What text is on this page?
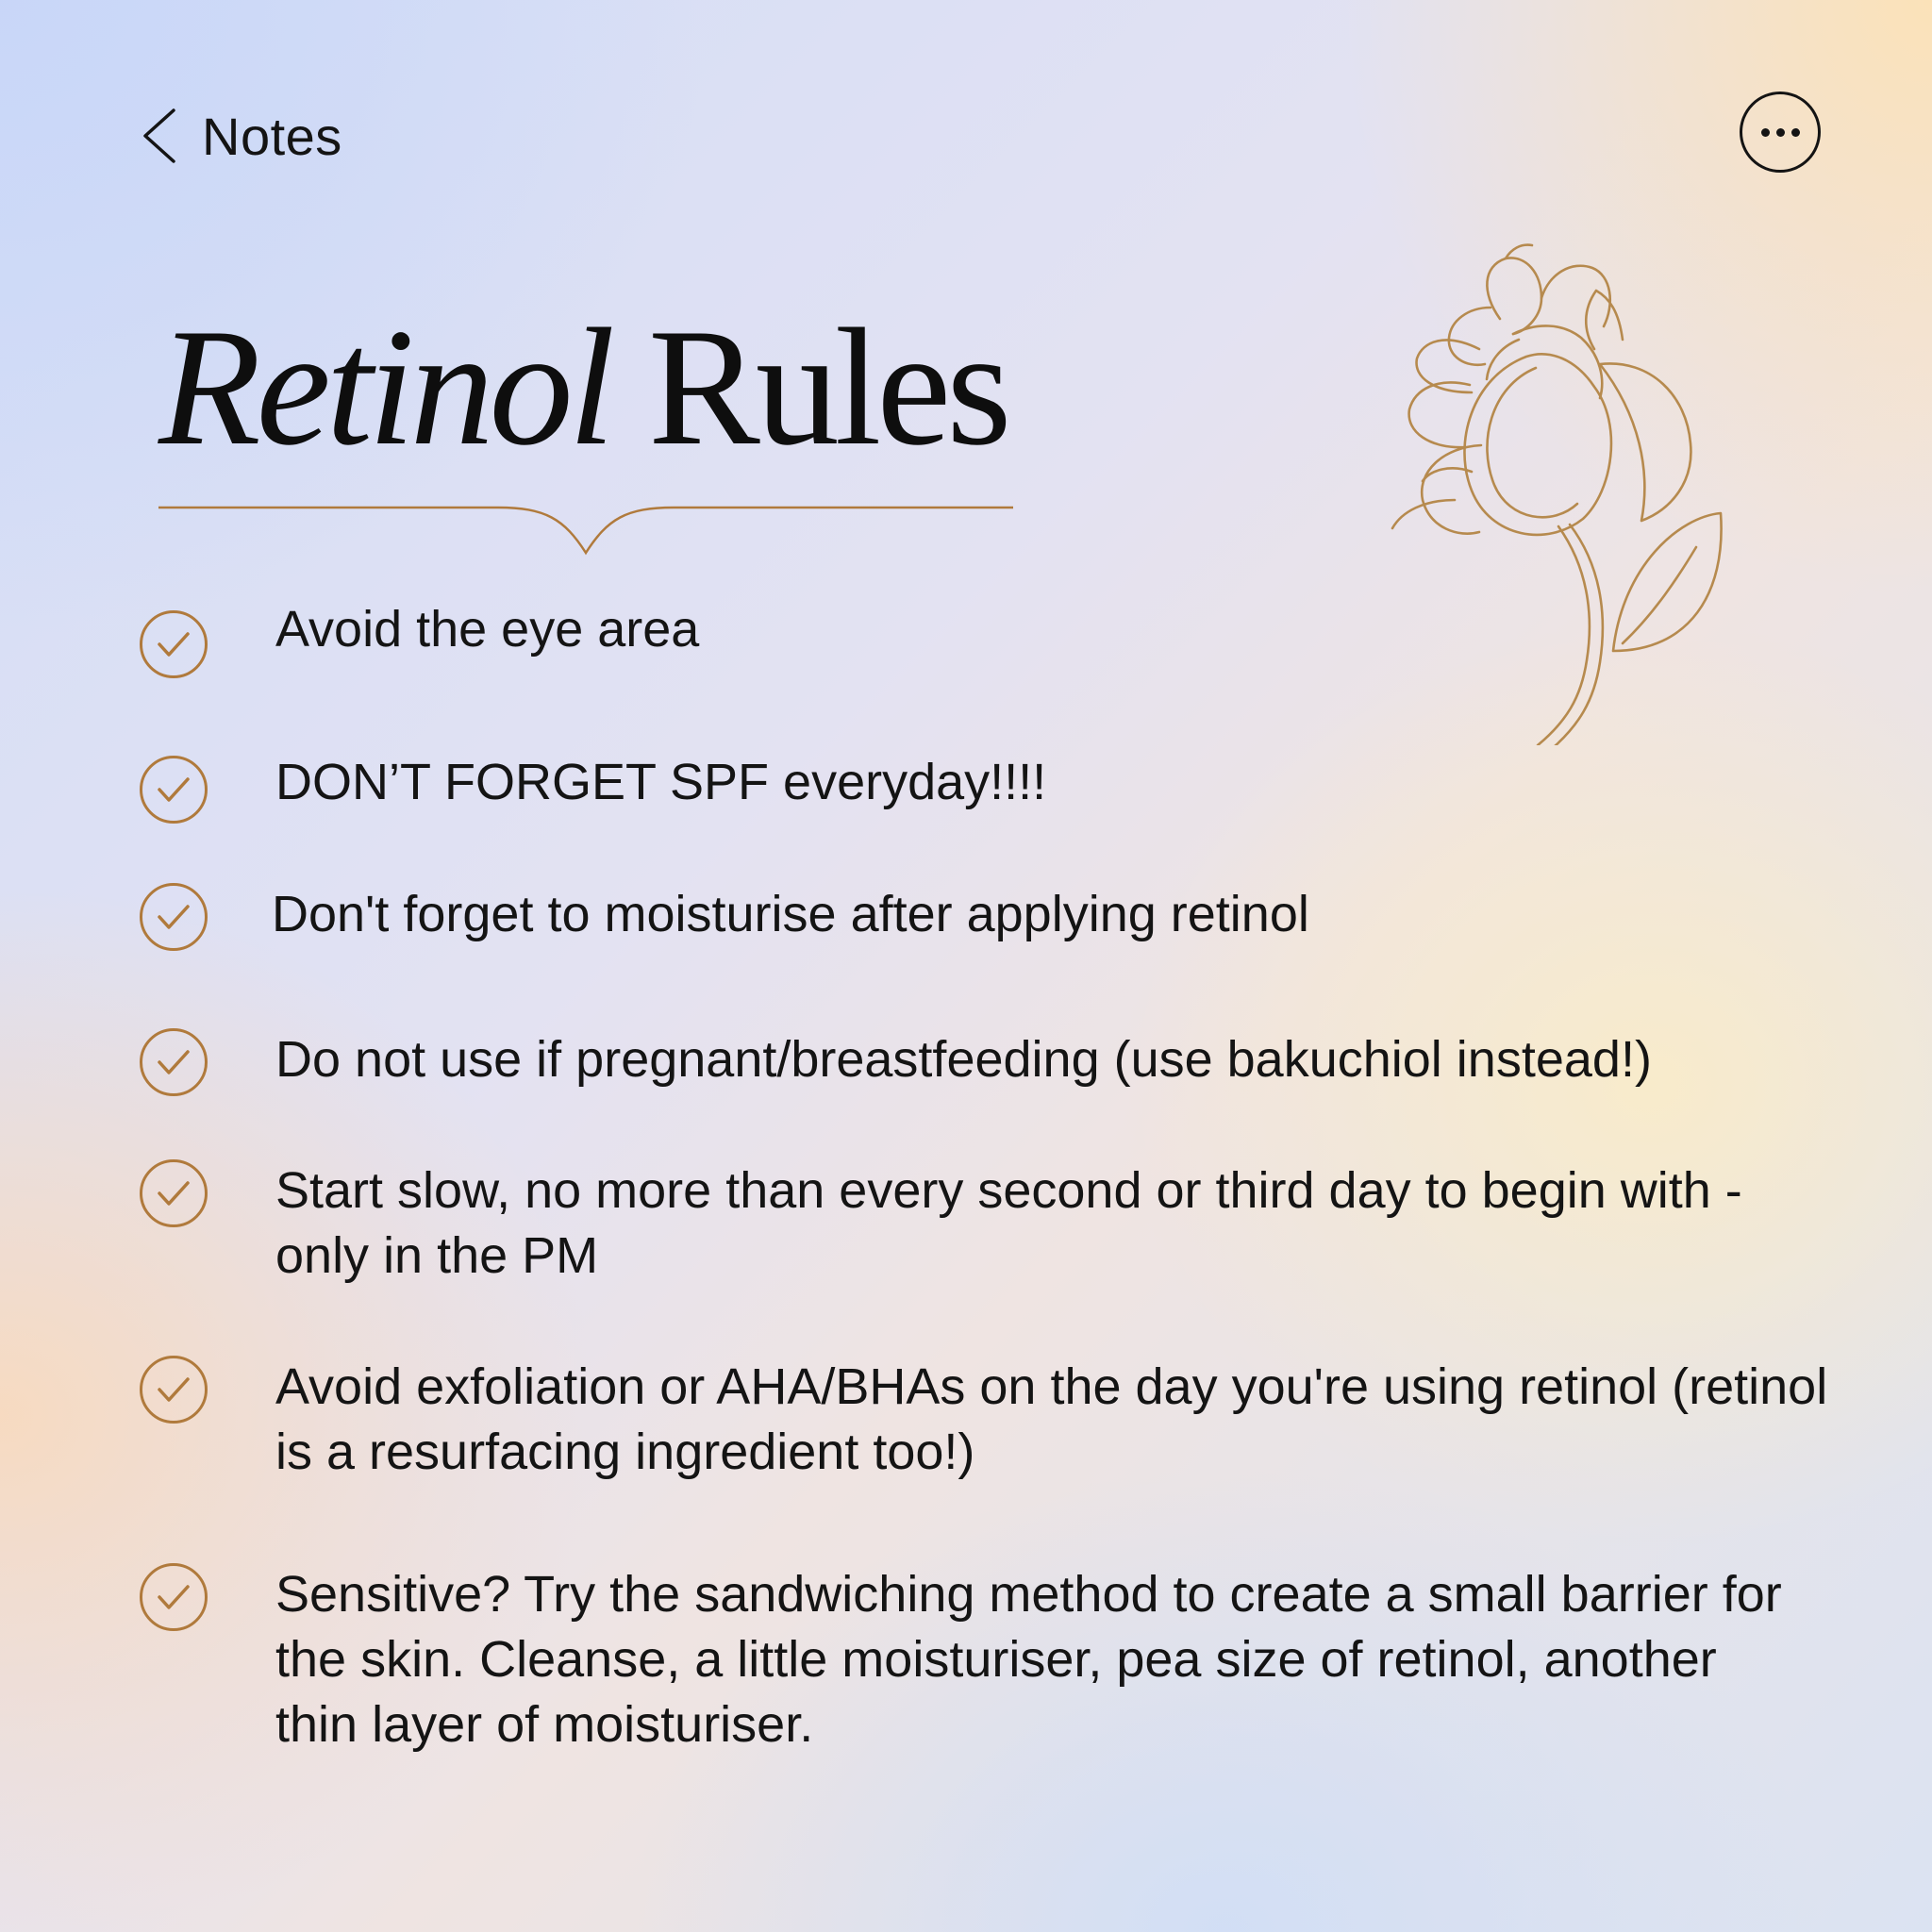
Notes
Retinol Rules
Avoid the eye area
DON’T FORGET SPF everyday!!!!
Don't forget to moisturise after applying retinol
Do not use if pregnant/breastfeeding (use bakuchiol instead!)
Start slow, no more than every second or third day to begin with - only in the PM
Avoid exfoliation or AHA/BHAs on the day you're using retinol (retinol is a resurfacing ingredient too!)
Sensitive? Try the sandwiching method to create a small barrier for the skin. Cleanse, a little moisturiser, pea size of retinol, another thin layer of moisturiser.
